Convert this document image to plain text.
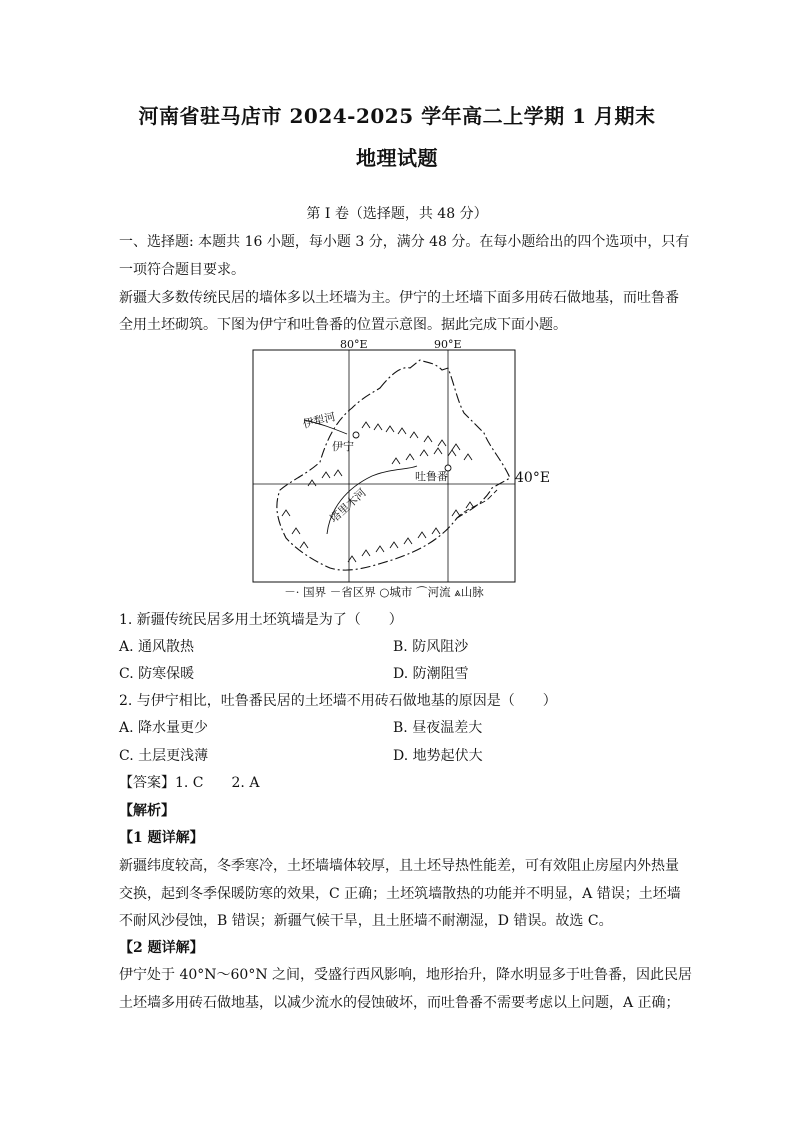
河南省驻马店市 2024-2025 学年高二上学期 1 月期末
地理试题
第 I 卷（选择题，共 48 分）
一、选择题: 本题共 16 小题，每小题 3 分，满分 48 分。在每小题给出的四个选项中，只有
一项符合题目要求。
新疆大多数传统民居的墙体多以土坯墙为主。伊宁的土坯墙下面多用砖石做地基，而吐鲁番
全用土坯砌筑。下图为伊宁和吐鲁番的位置示意图。据此完成下面小题。
80°E	90°E
伊犁河
伊宁
吐鲁番
塔里木河
40°E
－· 国界 －省区界 ○城市 ⌒河流 ⩓山脉
1. 新疆传统民居多用土坯筑墙是为了（　　）
A. 通风散热	B. 防风阻沙
C. 防寒保暖	D. 防潮阻雪
2. 与伊宁相比，吐鲁番民居的土坯墙不用砖石做地基的原因是（　　）
A. 降水量更少	B. 昼夜温差大
C. 土层更浅薄	D. 地势起伏大
【答案】1. C　　2. A
【解析】
【1 题详解】
新疆纬度较高，冬季寒冷，土坯墙墙体较厚，且土坯导热性能差，可有效阻止房屋内外热量
交换，起到冬季保暖防寒的效果，C 正确；土坯筑墙散热的功能并不明显，A 错误；土坯墙
不耐风沙侵蚀，B 错误；新疆气候干旱，且土胚墙不耐潮湿，D 错误。故选 C。
【2 题详解】
伊宁处于 40°N～60°N 之间，受盛行西风影响，地形抬升，降水明显多于吐鲁番，因此民居
土坯墙多用砖石做地基，以减少流水的侵蚀破坏，而吐鲁番不需要考虑以上问题，A 正确；
